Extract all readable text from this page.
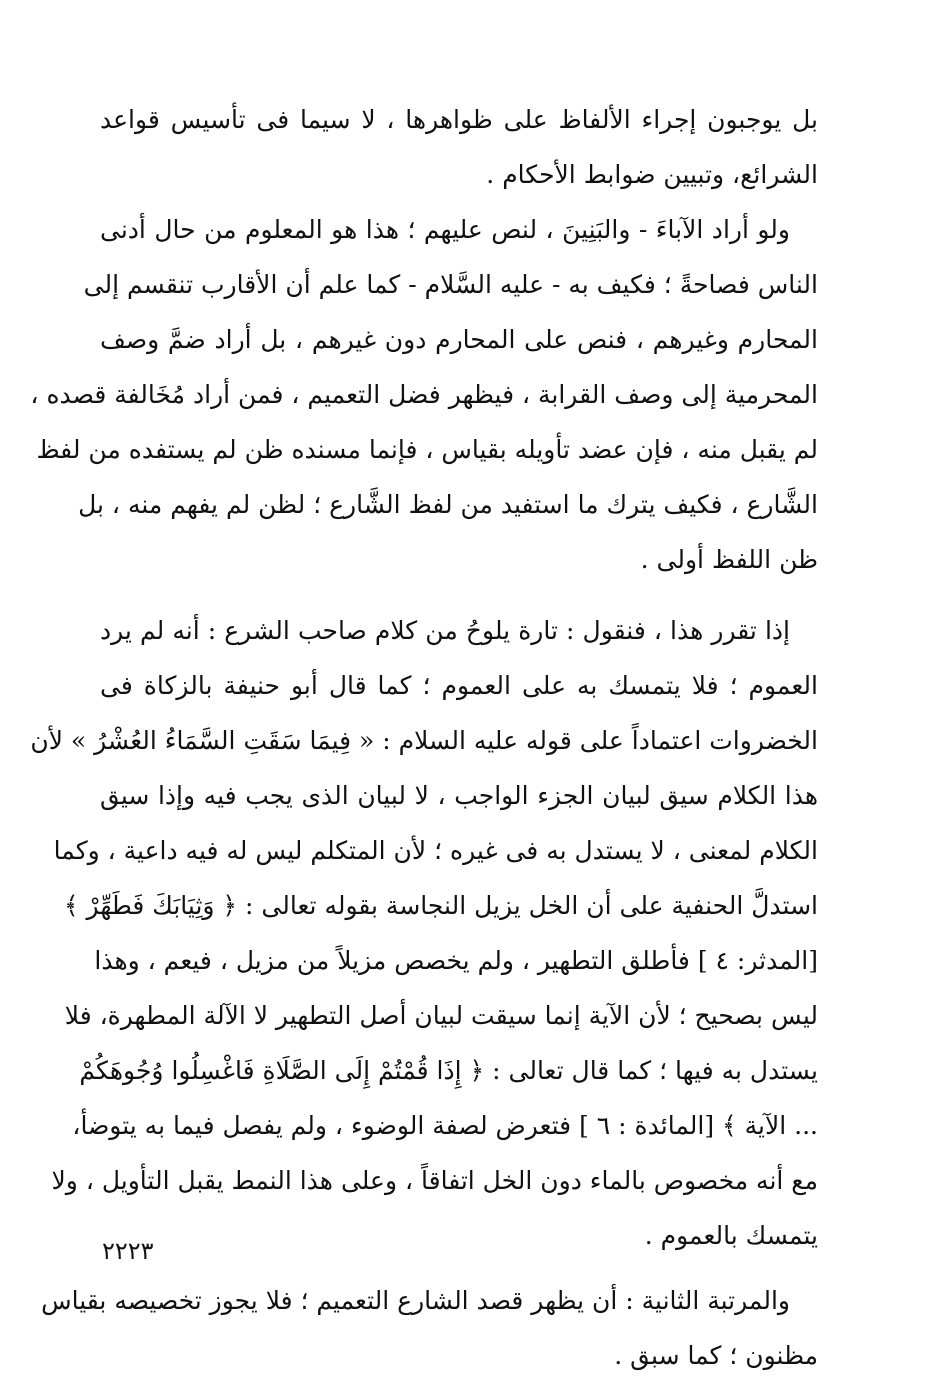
بل يوجبون إجراء الألفاظ على ظواهرها ، لا سيما فى تأسيس قواعد
الشرائع، وتبيين ضوابط الأحكام .

ولو أراد الآباءَ - والبَنِينَ ، لنص عليهم ؛ هذا هو المعلوم من حال أدنى
الناس فصاحةً ؛ فكيف به - عليه السَّلام - كما علم أن الأقارب تنقسم إلى
المحارم وغيرهم ، فنص على المحارم دون غيرهم ، بل أراد ضمَّ وصف
المحرمية إلى وصف القرابة ، فيظهر فضل التعميم ، فمن أراد مُخَالفة قصده ،
لم يقبل منه ، فإن عضد تأويله بقياس ، فإنما مسنده ظن لم يستفده من لفظ
الشَّارع ، فكيف يترك ما استفيد من لفظ الشَّارع ؛ لظن لم يفهم منه ، بل
ظن اللفظ أولى .

إذا تقرر هذا ، فنقول : تارة يلوحُ من كلام صاحب الشرع : أنه لم يرد
العموم ؛ فلا يتمسك به على العموم ؛ كما قال أبو حنيفة بالزكاة فى
الخضروات اعتماداً على قوله عليه السلام : « فِيمَا سَقَتِ السَّمَاءُ العُشْرُ » لأن
هذا الكلام سيق لبيان الجزء الواجب ، لا لبيان الذى يجب فيه وإذا سيق
الكلام لمعنى ، لا يستدل به فى غيره ؛ لأن المتكلم ليس له فيه داعية ، وكما
استدلَّ الحنفية على أن الخل يزيل النجاسة بقوله تعالى : ﴿ وَثِيَابَكَ فَطَهِّرْ ﴾
[المدثر: ٤ ] فأطلق التطهير ، ولم يخصص مزيلاً من مزيل ، فيعم ، وهذا
ليس بصحيح ؛ لأن الآية إنما سيقت لبيان أصل التطهير لا الآلة المطهرة، فلا
يستدل به فيها ؛ كما قال تعالى : ﴿ إِذَا قُمْتُمْ إِلَى الصَّلَاةِ فَاغْسِلُوا وُجُوهَكُمْ
... الآية ﴾ [المائدة : ٦ ] فتعرض لصفة الوضوء ، ولم يفصل فيما به يتوضأ،
مع أنه مخصوص بالماء دون الخل اتفاقاً ، وعلى هذا النمط يقبل التأويل ، ولا
يتمسك بالعموم .

والمرتبة الثانية : أن يظهر قصد الشارع التعميم ؛ فلا يجوز تخصيصه بقياس
مظنون ؛ كما سبق .

٢٢٢٣
